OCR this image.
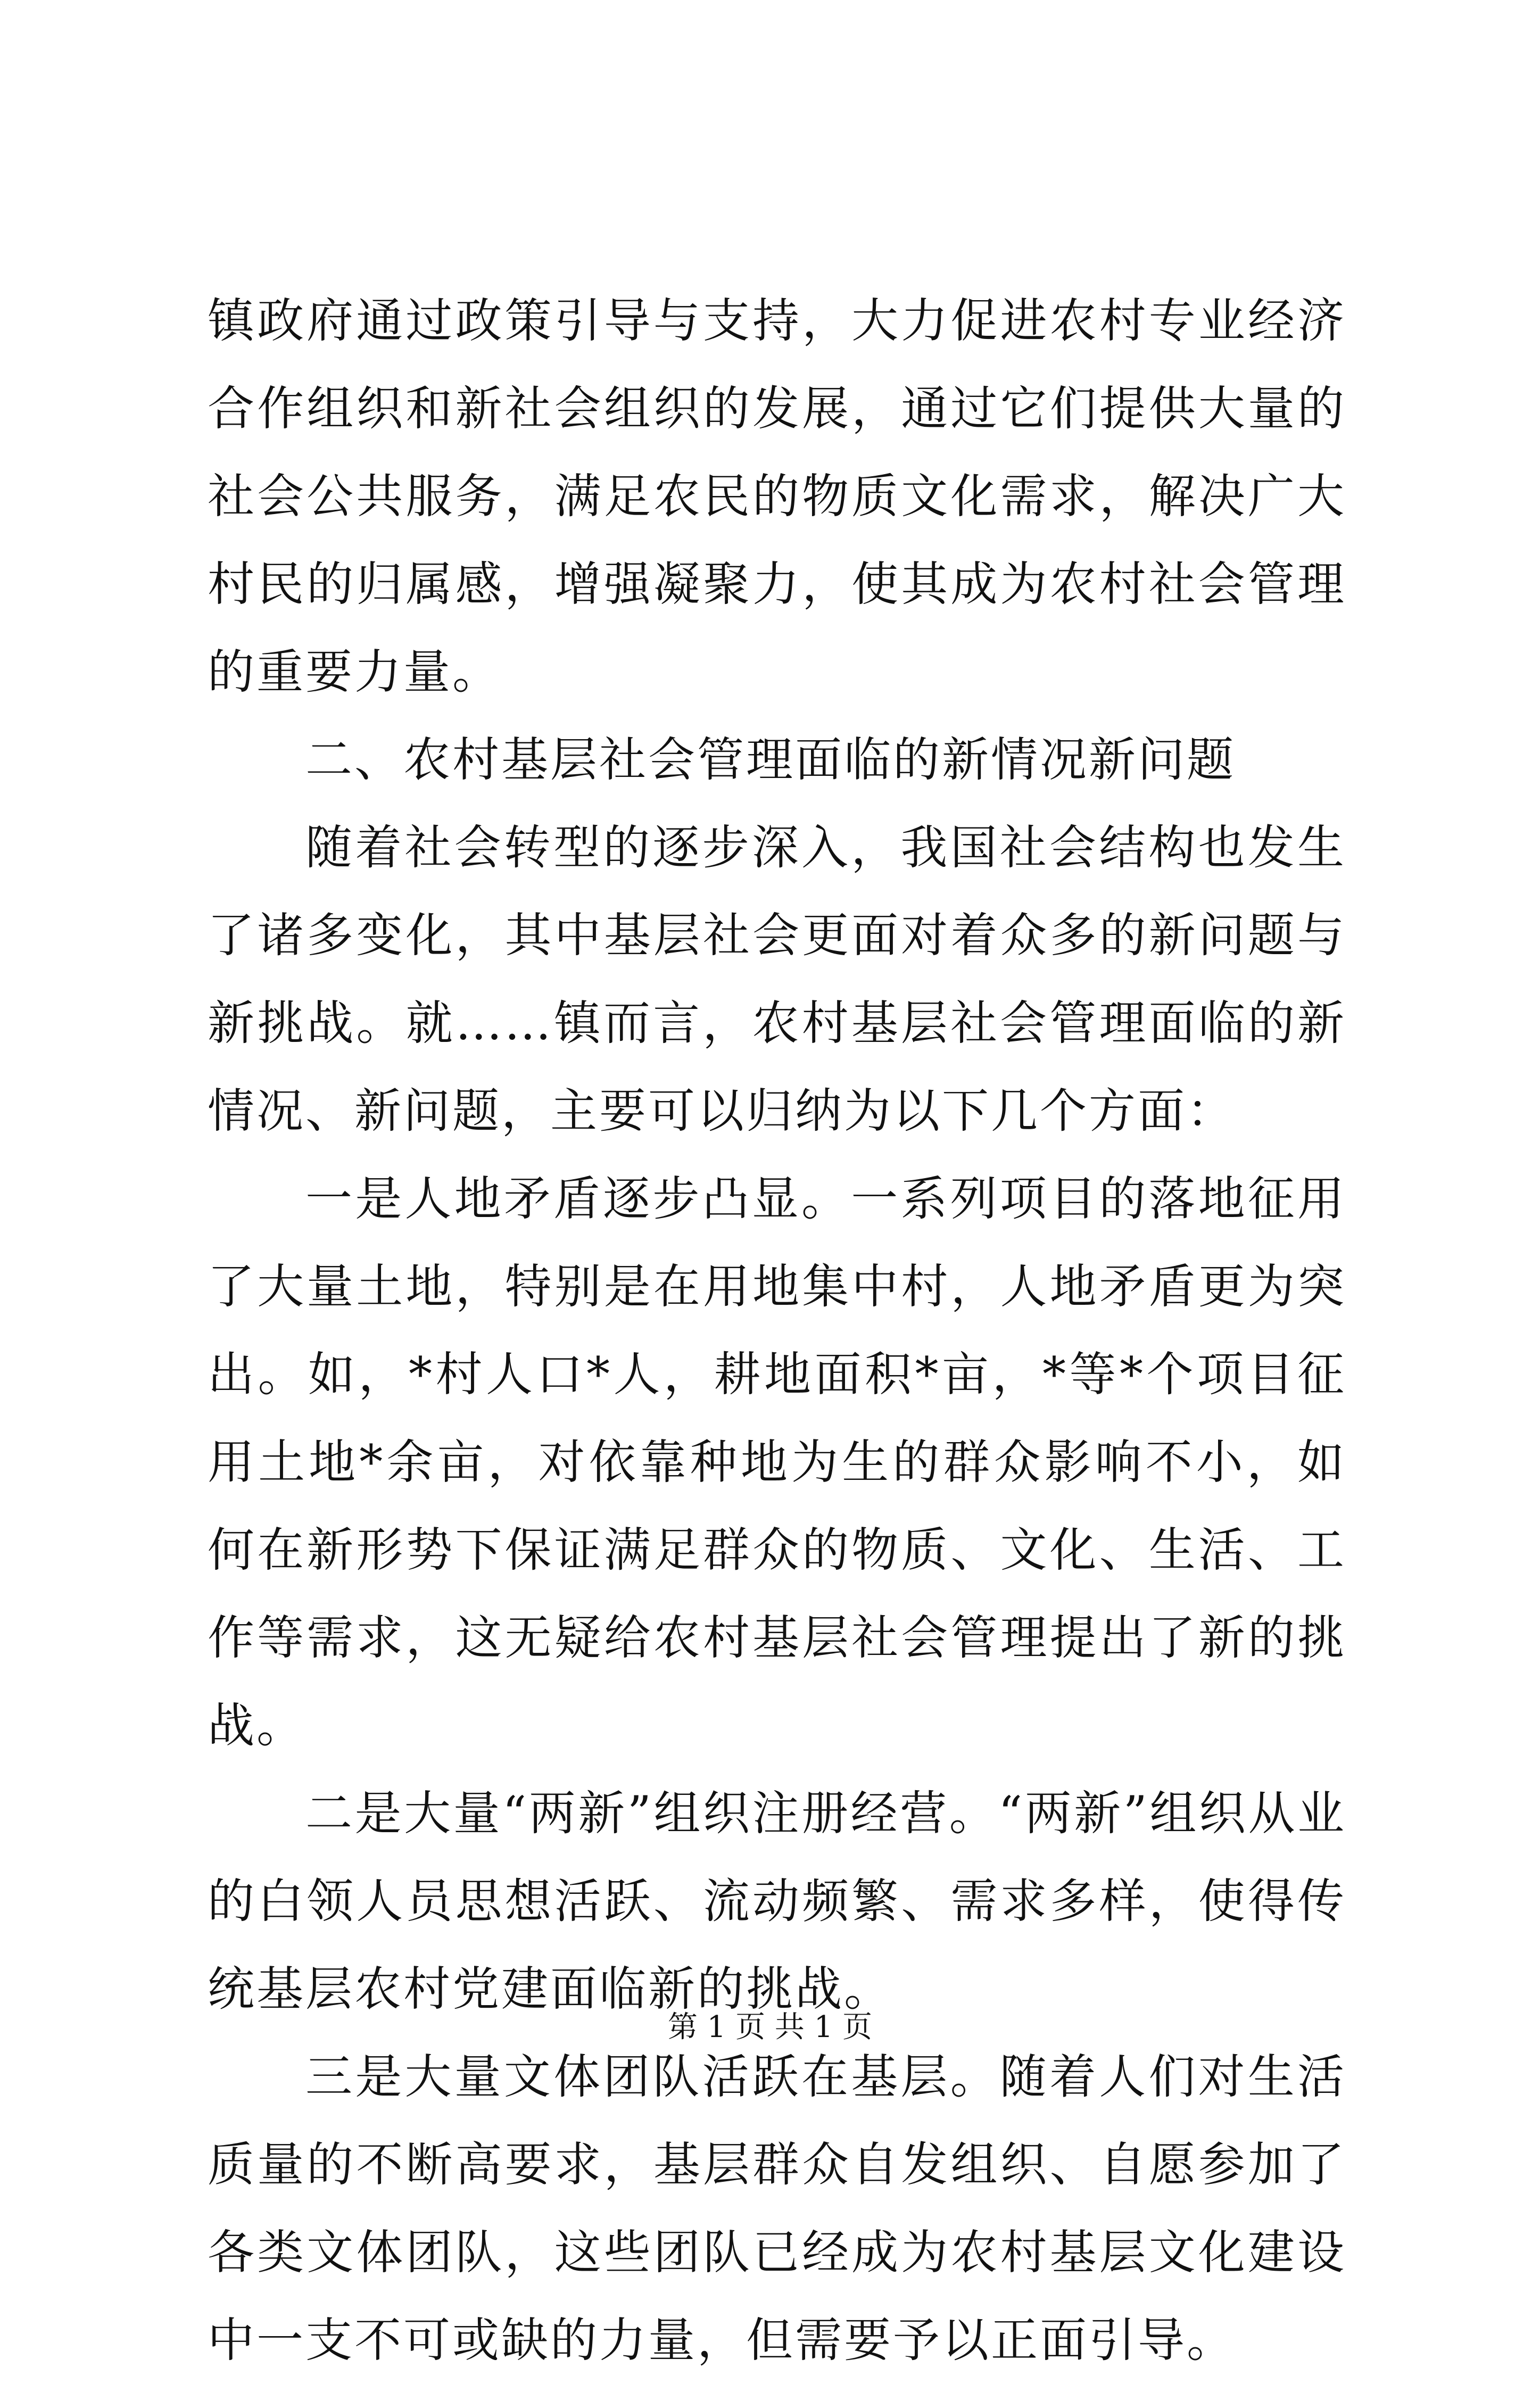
镇政府通过政策引导与支持，大力促进农村专业经济合作组织和新社会组织的发展，通过它们提供大量的社会公共服务，满足农民的物质文化需求，解决广大村民的归属感，增强凝聚力，使其成为农村社会管理的重要力量。

二、农村基层社会管理面临的新情况新问题

随着社会转型的逐步深入，我国社会结构也发生了诸多变化，其中基层社会更面对着众多的新问题与新挑战。就……镇而言，农村基层社会管理面临的新情况、新问题，主要可以归纳为以下几个方面：

一是人地矛盾逐步凸显。一系列项目的落地征用了大量土地，特别是在用地集中村，人地矛盾更为突出。如，*村人口*人，耕地面积*亩，*等*个项目征用土地*余亩，对依靠种地为生的群众影响不小，如何在新形势下保证满足群众的物质、文化、生活、工作等需求，这无疑给农村基层社会管理提出了新的挑战。

二是大量“两新”组织注册经营。“两新”组织从业的白领人员思想活跃、流动频繁、需求多样，使得传统基层农村党建面临新的挑战。

三是大量文体团队活跃在基层。随着人们对生活质量的不断高要求，基层群众自发组织、自愿参加了各类文体团队，这些团队已经成为农村基层文化建设中一支不可或缺的力量，但需要予以正面引导。

第 1 页 共 1 页
